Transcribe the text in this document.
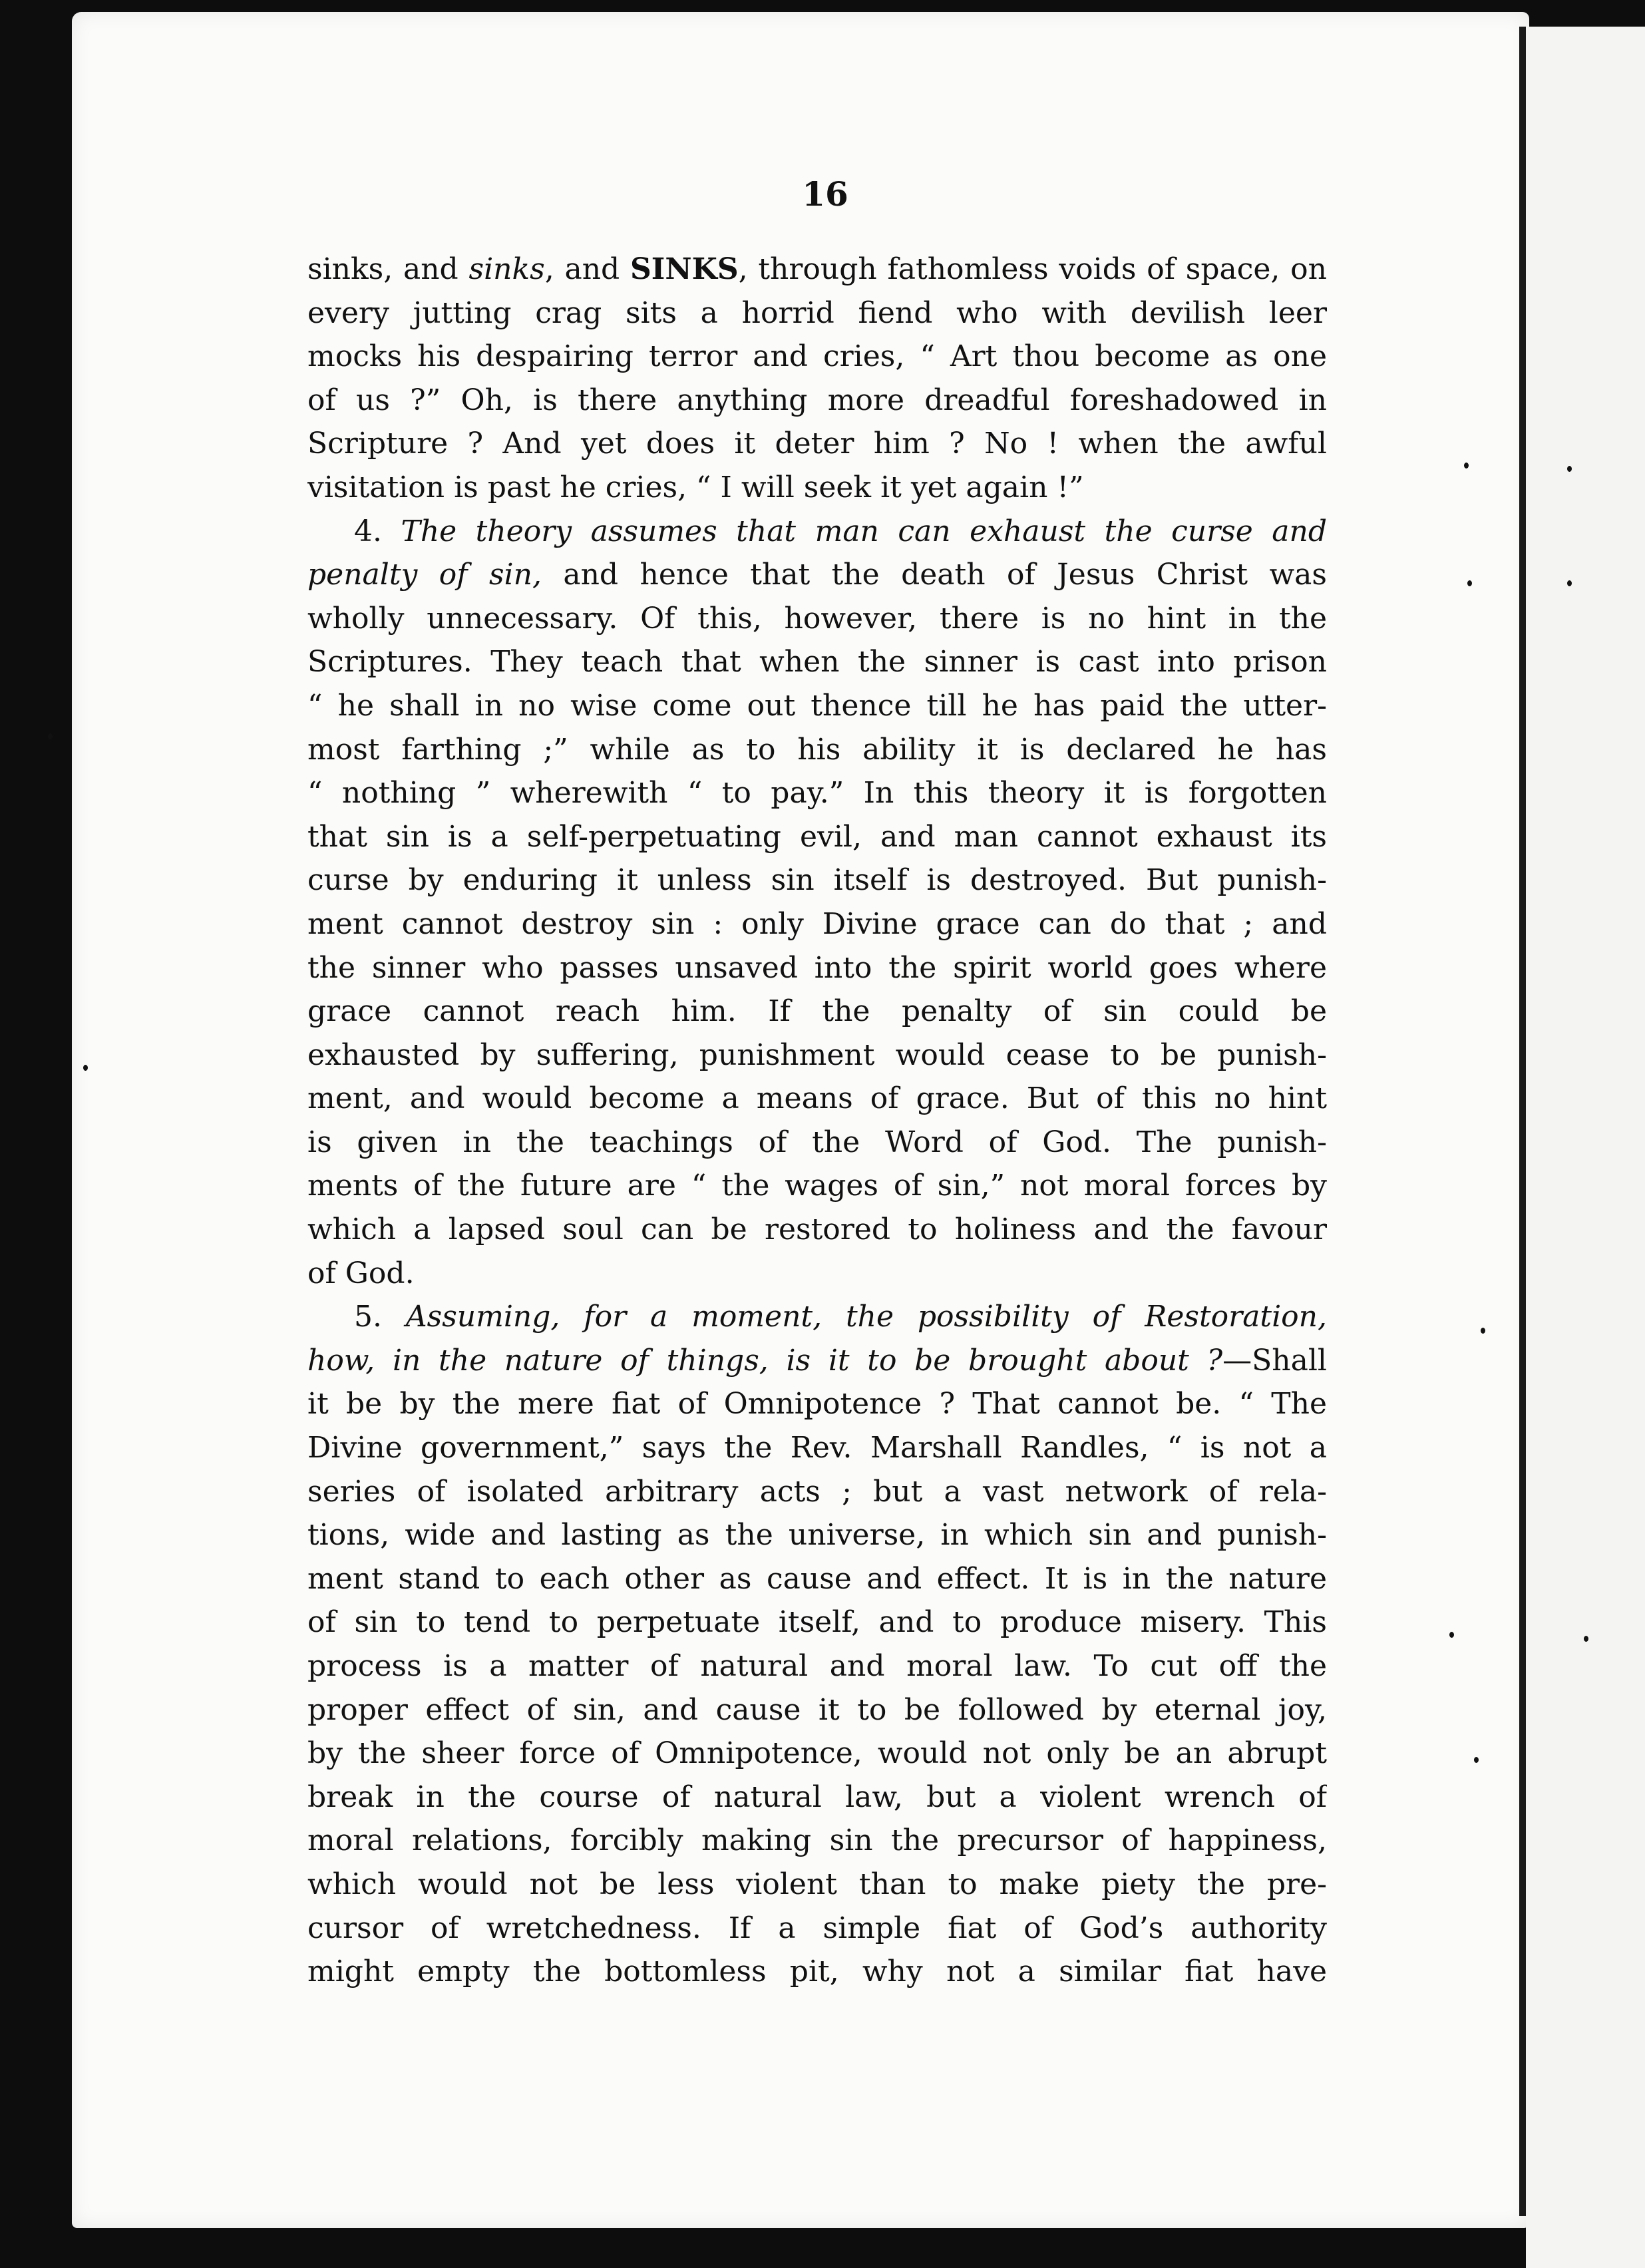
16
sinks, and sinks, and SINKS, through fathomless voids of space, on
every jutting crag sits a horrid fiend who with devilish leer
mocks his despairing terror and cries, “ Art thou become as one
of us ?” Oh, is there anything more dreadful foreshadowed in
Scripture ? And yet does it deter him ? No ! when the awful
visitation is past he cries, “ I will seek it yet again !”
4. The theory assumes that man can exhaust the curse and
penalty of sin, and hence that the death of Jesus Christ was
wholly unnecessary. Of this, however, there is no hint in the
Scriptures. They teach that when the sinner is cast into prison
“ he shall in no wise come out thence till he has paid the utter-
most farthing ;” while as to his ability it is declared he has
“ nothing ” wherewith “ to pay.” In this theory it is forgotten
that sin is a self-perpetuating evil, and man cannot exhaust its
curse by enduring it unless sin itself is destroyed. But punish-
ment cannot destroy sin : only Divine grace can do that ; and
the sinner who passes unsaved into the spirit world goes where
grace cannot reach him. If the penalty of sin could be
exhausted by suffering, punishment would cease to be punish-
ment, and would become a means of grace. But of this no hint
is given in the teachings of the Word of God. The punish-
ments of the future are “ the wages of sin,” not moral forces by
which a lapsed soul can be restored to holiness and the favour
of God.
5. Assuming, for a moment, the possibility of Restoration,
how, in the nature of things, is it to be brought about ?—Shall
it be by the mere fiat of Omnipotence ? That cannot be. “ The
Divine government,” says the Rev. Marshall Randles, “ is not a
series of isolated arbitrary acts ; but a vast network of rela-
tions, wide and lasting as the universe, in which sin and punish-
ment stand to each other as cause and effect. It is in the nature
of sin to tend to perpetuate itself, and to produce misery. This
process is a matter of natural and moral law. To cut off the
proper effect of sin, and cause it to be followed by eternal joy,
by the sheer force of Omnipotence, would not only be an abrupt
break in the course of natural law, but a violent wrench of
moral relations, forcibly making sin the precursor of happiness,
which would not be less violent than to make piety the pre-
cursor of wretchedness. If a simple fiat of God’s authority
might empty the bottomless pit, why not a similar fiat have
